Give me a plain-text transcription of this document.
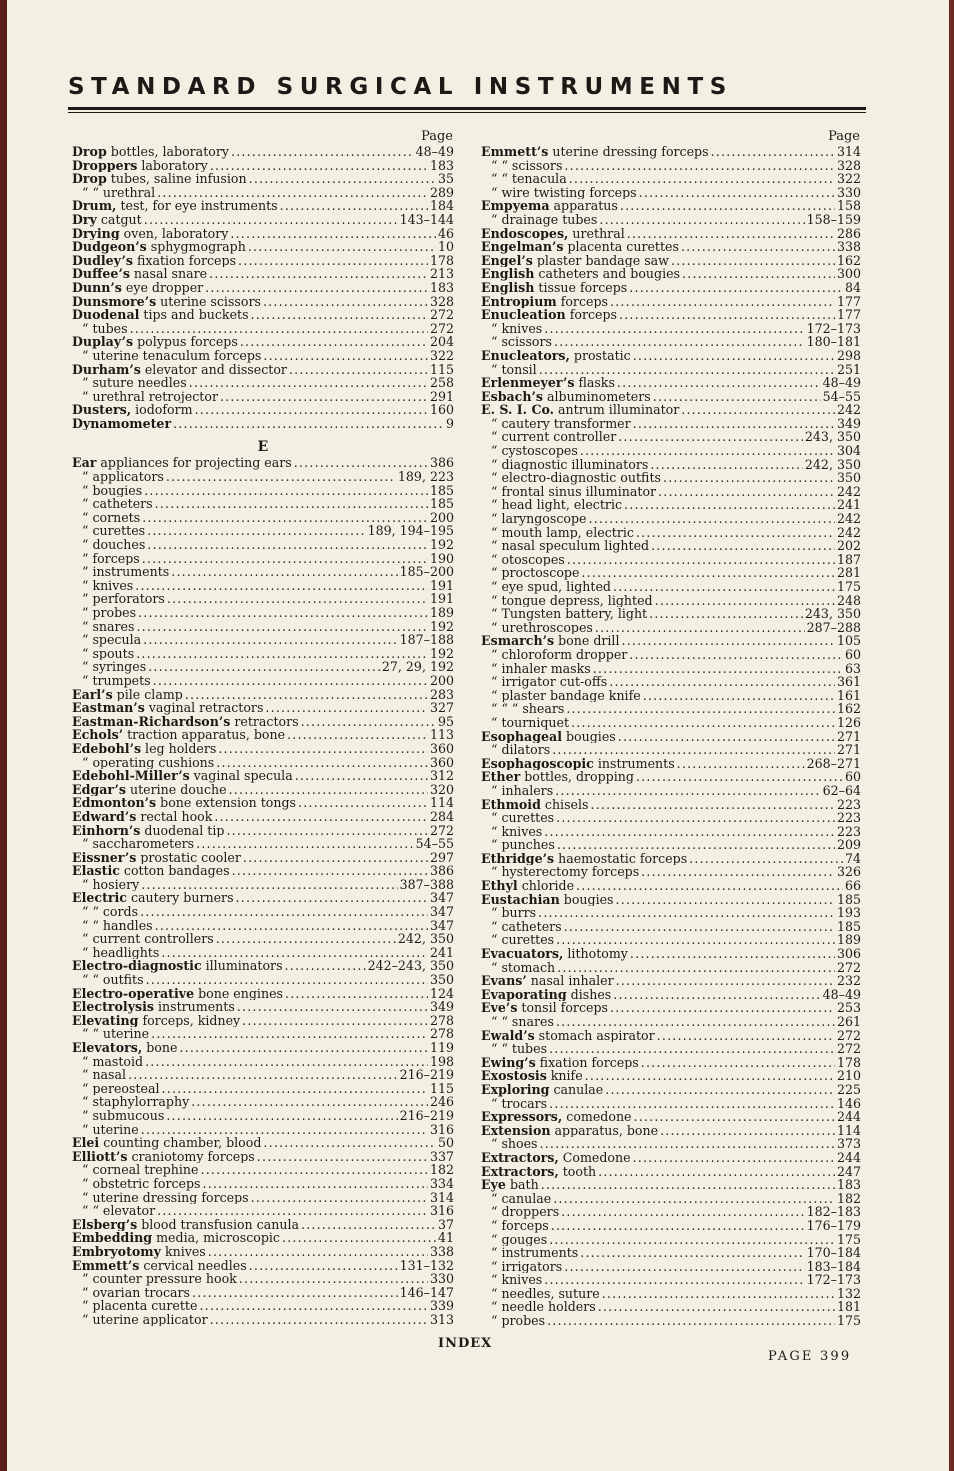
STANDARD SURGICAL INSTRUMENTS
Page
Drop bottles, laboratory .....	48–49
Droppers laboratory .....	183
Drop tubes, saline infusion .....	35
“ “ urethral .....	289
Drum, test, for eye instruments .....	184
Dry catgut .....	143–144
Drying oven, laboratory .....	46
Dudgeon’s sphygmograph .....	10
Dudley’s fixation forceps .....	178
Duffee’s nasal snare .....	213
Dunn’s eye dropper .....	183
Dunsmore’s uterine scissors .....	328
Duodenal tips and buckets .....	272
“ tubes .....	272
Duplay’s polypus forceps .....	204
“ uterine tenaculum forceps .....	322
Durham’s elevator and dissector .....	115
“ suture needles .....	258
“ urethral retrojector .....	291
Dusters, iodoform .....	160
Dynamometer .....	9
E
Ear appliances for projecting ears .....	386
“ applicators .....	189, 223
“ bougies .....	185
“ catheters .....	185
“ cornets .....	200
“ curettes .....	189, 194–195
“ douches .....	192
“ forceps .....	190
“ instruments .....	185–200
“ knives .....	191
“ perforators .....	191
“ probes .....	189
“ snares .....	192
“ specula .....	187–188
“ spouts .....	192
“ syringes .....	27, 29, 192
“ trumpets .....	200
Earl’s pile clamp .....	283
Eastman’s vaginal retractors .....	327
Eastman-Richardson’s retractors .....	95
Echols’ traction apparatus, bone .....	113
Edebohl’s leg holders .....	360
“ operating cushions .....	360
Edebohl-Miller’s vaginal specula .....	312
Edgar’s uterine douche .....	320
Edmonton’s bone extension tongs .....	114
Edward’s rectal hook .....	284
Einhorn’s duodenal tip .....	272
“ saccharometers .....	54–55
Eissner’s prostatic cooler .....	297
Elastic cotton bandages .....	386
“ hosiery .....	387–388
Electric cautery burners .....	347
“ “ cords .....	347
“ “ handles .....	347
“ current controllers .....	242, 350
“ headlights .....	241
Electro-diagnostic illuminators .....	242–243, 350
“ “ outfits .....	350
Electro-operative bone engines .....	124
Electrolysis instruments .....	349
Elevating forceps, kidney .....	278
“ “ uterine .....	278
Elevators, bone .....	119
“ mastoid .....	198
“ nasal .....	216–219
“ pereosteal .....	115
“ staphylorraphy .....	246
“ submucous .....	216–219
“ uterine .....	316
Elei counting chamber, blood .....	50
Elliott’s craniotomy forceps .....	337
“ corneal trephine .....	182
“ obstetric forceps .....	334
“ uterine dressing forceps .....	314
“ “ elevator .....	316
Elsberg’s blood transfusion canula .....	37
Embedding media, microscopic .....	41
Embryotomy knives .....	338
Emmett’s cervical needles .....	131–132
“ counter pressure hook .....	330
“ ovarian trocars .....	146–147
“ placenta curette .....	339
“ uterine applicator .....	313
Page
Emmett’s uterine dressing forceps .....	314
“ “ scissors .....	328
“ “ tenacula .....	322
“ wire twisting forceps .....	330
Empyema apparatus .....	158
“ drainage tubes .....	158–159
Endoscopes, urethral .....	286
Engelman’s placenta curettes .....	338
Engel’s plaster bandage saw .....	162
English catheters and bougies .....	300
English tissue forceps .....	84
Entropium forceps .....	177
Enucleation forceps .....	177
“ knives .....	172–173
“ scissors .....	180–181
Enucleators, prostatic .....	298
“ tonsil .....	251
Erlenmeyer’s flasks .....	48–49
Esbach’s albuminometers .....	54–55
E. S. I. Co. antrum illuminator .....	242
“ cautery transformer .....	349
“ current controller .....	243, 350
“ cystoscopes .....	304
“ diagnostic illuminators .....	242, 350
“ electro-diagnostic outfits .....	350
“ frontal sinus illuminator .....	242
“ head light, electric .....	241
“ laryngoscope .....	242
“ mouth lamp, electric .....	242
“ nasal speculum lighted .....	202
“ otoscopes .....	187
“ proctoscope .....	281
“ eye spud, lighted .....	175
“ tongue depress, lighted .....	248
“ Tungsten battery, light .....	243, 350
“ urethroscopes .....	287–288
Esmarch’s bone drill .....	105
“ chloroform dropper .....	60
“ inhaler masks .....	63
“ irrigator cut-offs .....	361
“ plaster bandage knife .....	161
“ “ “ shears .....	162
“ tourniquet .....	126
Esophageal bougies .....	271
“ dilators .....	271
Esophagoscopic instruments .....	268–271
Ether bottles, dropping .....	60
“ inhalers .....	62–64
Ethmoid chisels .....	223
“ curettes .....	223
“ knives .....	223
“ punches .....	209
Ethridge’s haemostatic forceps .....	74
“ hysterectomy forceps .....	326
Ethyl chloride .....	66
Eustachian bougies .....	185
“ burrs .....	193
“ catheters .....	185
“ curettes .....	189
Evacuators, lithotomy .....	306
“ stomach .....	272
Evans’ nasal inhaler .....	232
Evaporating dishes .....	48–49
Eve’s tonsil forceps .....	253
“ “ snares .....	261
Ewald’s stomach aspirator .....	272
“ “ tubes .....	272
Ewing’s fixation forceps .....	178
Exostosis knife .....	210
Exploring canulae .....	225
“ trocars .....	146
Expressors, comedone .....	244
Extension apparatus, bone .....	114
“ shoes .....	373
Extractors, Comedone .....	244
Extractors, tooth .....	247
Eye bath .....	183
“ canulae .....	182
“ droppers .....	182–183
“ forceps .....	176–179
“ gouges .....	175
“ instruments .....	170–184
“ irrigators .....	183–184
“ knives .....	172–173
“ needles, suture .....	132
“ needle holders .....	181
“ probes .....	175
INDEX
PAGE 399
